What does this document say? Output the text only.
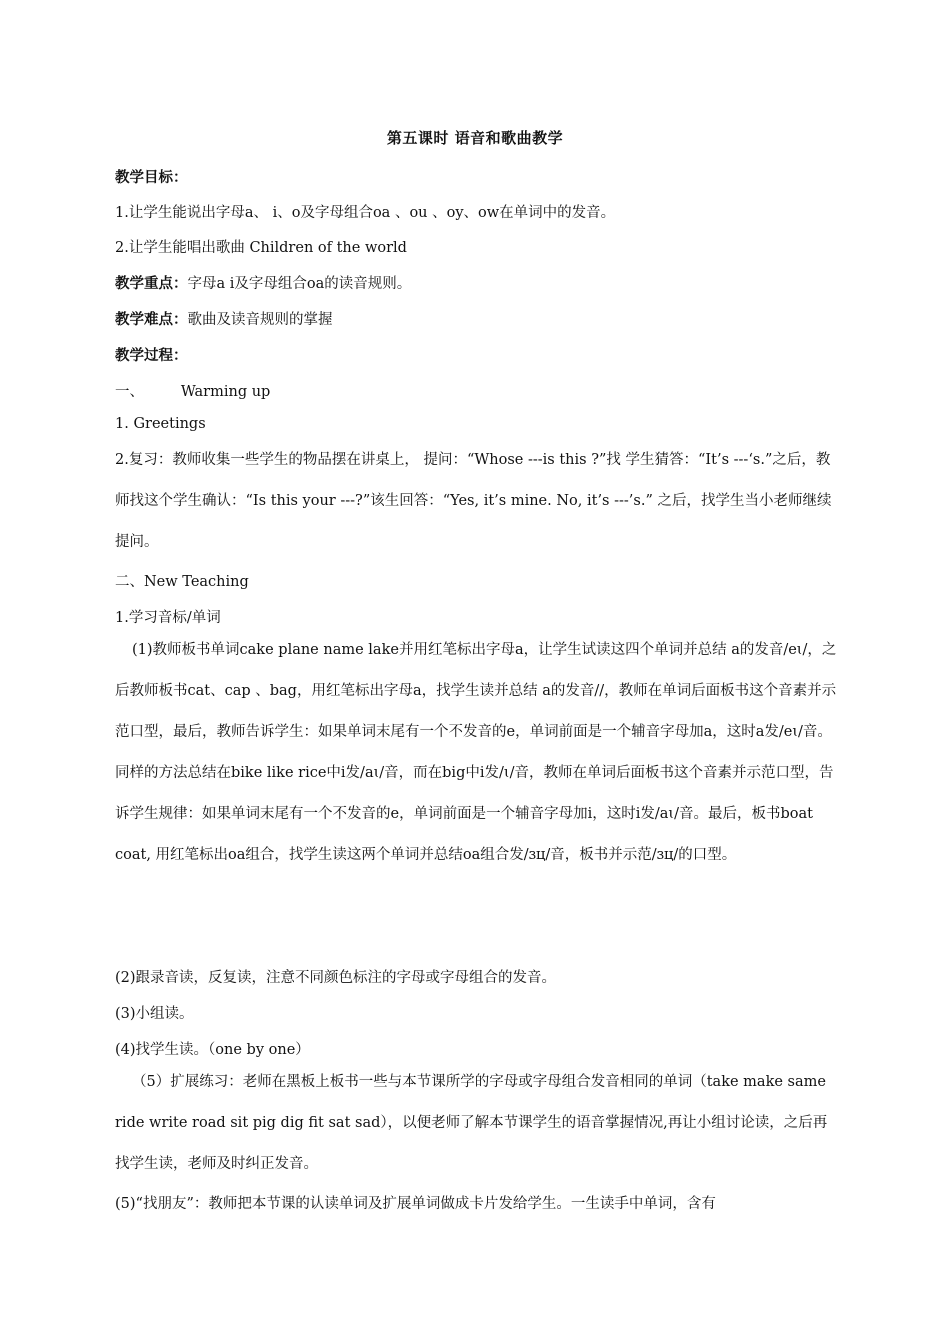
第五课时 语音和歌曲教学
教学目标：
1.让学生能说出字母a、 i、o及字母组合oa 、ou 、oy、ow在单词中的发音。
2.让学生能唱出歌曲 Children of the world
教学重点：字母a i及字母组合oa的读音规则。
教学难点：歌曲及读音规则的掌握
教学过程：
一、        Warming up
1. Greetings
2.复习：教师收集一些学生的物品摆在讲桌上， 提问：“Whose ---is this ?”找 学生猜答：“It’s ---‘s.”之后，教师找这个学生确认：“Is this your ---?”该生回答：“Yes, it’s mine. No, it’s ---’s.” 之后，找学生当小老师继续提问。
二、New Teaching
1.学习音标/单词
(1)教师板书单词cake plane name lake并用红笔标出字母a，让学生试读这四个单词并总结 a的发音/eɩ/，之后教师板书cat、cap 、bag，用红笔标出字母a，找学生读并总结 a的发音//，教师在单词后面板书这个音素并示范口型，最后，教师告诉学生：如果单词末尾有一个不发音的e，单词前面是一个辅音字母加a，这时a发/eɩ/音。同样的方法总结在bike like rice中i发/aɩ/音，而在big中i发/ɩ/音，教师在单词后面板书这个音素并示范口型，告诉学生规律：如果单词末尾有一个不发音的e，单词前面是一个辅音字母加i，这时i发/aɩ/音。最后，板书boat coat, 用红笔标出oa组合，找学生读这两个单词并总结oa组合发/ɜц/音，板书并示范/ɜц/的口型。
(2)跟录音读，反复读，注意不同颜色标注的字母或字母组合的发音。
(3)小组读。
(4)找学生读。（one by one）
（5）扩展练习：老师在黑板上板书一些与本节课所学的字母或字母组合发音相同的单词（take make same ride write road sit pig dig fit sat sad），以便老师了解本节课学生的语音掌握情况,再让小组讨论读，之后再找学生读，老师及时纠正发音。
(5)“找朋友”：教师把本节课的认读单词及扩展单词做成卡片发给学生。一生读手中单词，含有
